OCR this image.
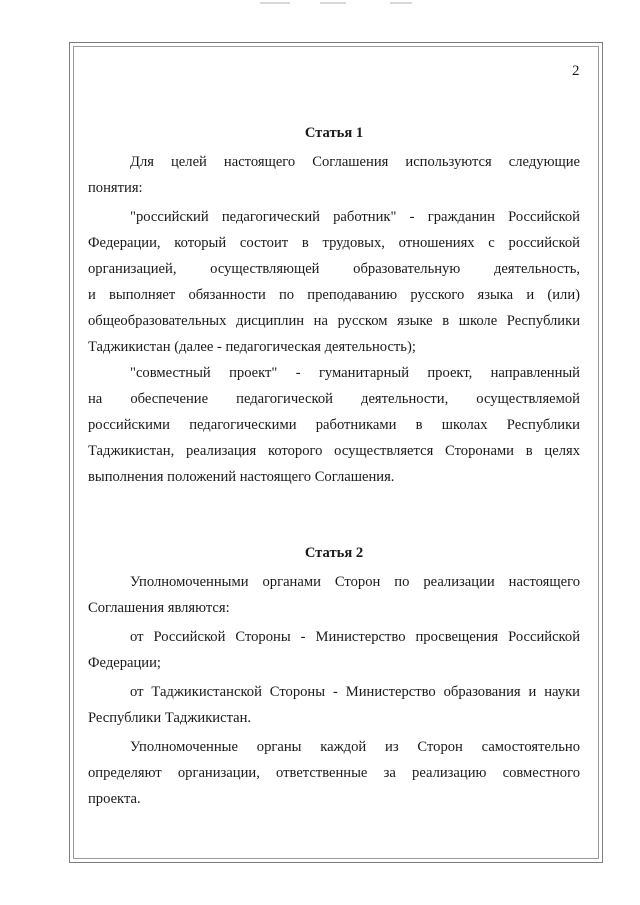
2
Статья 1
Для целей настоящего Соглашения используются следующие
понятия:
"российский педагогический работник" - гражданин Российской
Федерации, который состоит в трудовых, отношениях с российской
организацией, осуществляющей образовательную деятельность,
и выполняет обязанности по преподаванию русского языка и (или)
общеобразовательных дисциплин на русском языке в школе Республики
Таджикистан (далее - педагогическая деятельность);
"совместный проект" - гуманитарный проект, направленный
на обеспечение педагогической деятельности, осуществляемой
российскими педагогическими работниками в школах Республики
Таджикистан, реализация которого осуществляется Сторонами в целях
выполнения положений настоящего Соглашения.
Статья 2
Уполномоченными органами Сторон по реализации настоящего
Соглашения являются:
от Российской Стороны - Министерство просвещения Российской
Федерации;
от Таджикистанской Стороны - Министерство образования и науки
Республики Таджикистан.
Уполномоченные органы каждой из Сторон самостоятельно
определяют организации, ответственные за реализацию совместного
проекта.
